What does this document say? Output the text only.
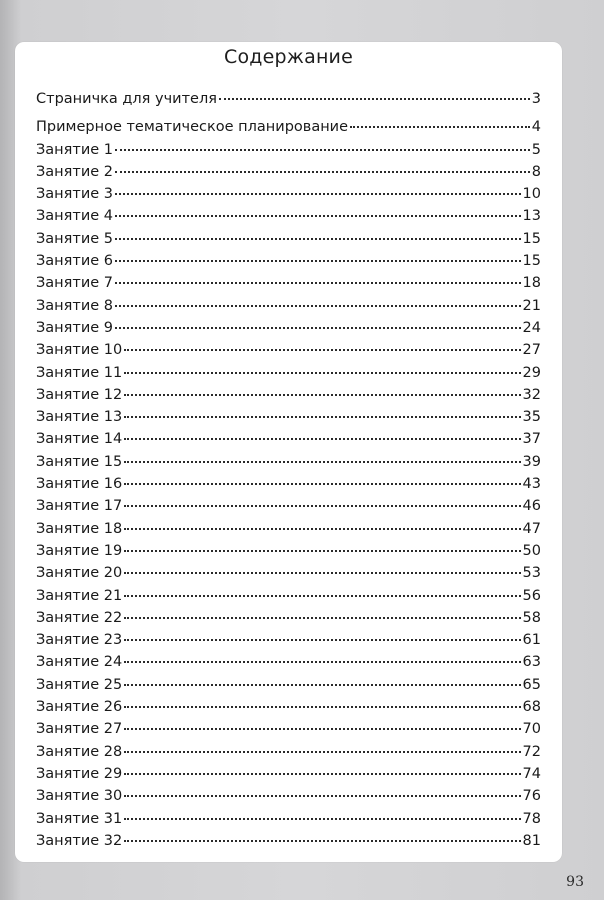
Содержание
Страничка для учителя	3
Примерное тематическое планирование	4
Занятие 1	5
Занятие 2	8
Занятие 3	10
Занятие 4	13
Занятие 5	15
Занятие 6	15
Занятие 7	18
Занятие 8	21
Занятие 9	24
Занятие 10	27
Занятие 11	29
Занятие 12	32
Занятие 13	35
Занятие 14	37
Занятие 15	39
Занятие 16	43
Занятие 17	46
Занятие 18	47
Занятие 19	50
Занятие 20	53
Занятие 21	56
Занятие 22	58
Занятие 23	61
Занятие 24	63
Занятие 25	65
Занятие 26	68
Занятие 27	70
Занятие 28	72
Занятие 29	74
Занятие 30	76
Занятие 31	78
Занятие 32	81
93
